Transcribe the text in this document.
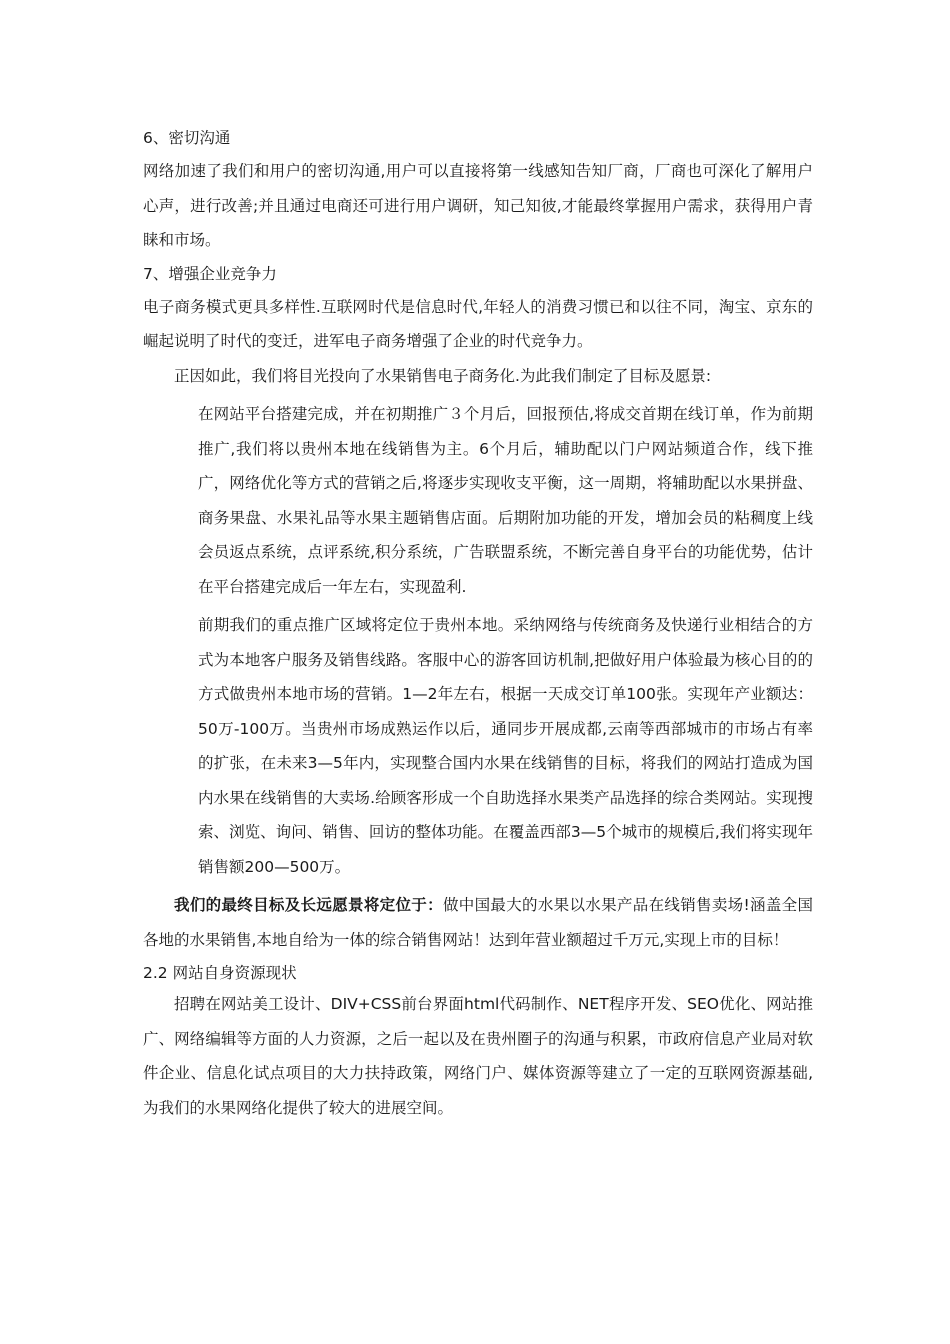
6、密切沟通

网络加速了我们和用户的密切沟通,用户可以直接将第一线感知告知厂商，厂商也可深化了解用户心声，进行改善;并且通过电商还可进行用户调研，知己知彼,才能最终掌握用户需求，获得用户青睐和市场。

7、增强企业竞争力

电子商务模式更具多样性.互联网时代是信息时代,年轻人的消费习惯已和以往不同，淘宝、京东的崛起说明了时代的变迁，进军电子商务增强了企业的时代竞争力。

正因如此，我们将目光投向了水果销售电子商务化.为此我们制定了目标及愿景:

在网站平台搭建完成，并在初期推广３个月后，回报预估,将成交首期在线订单，作为前期推广,我们将以贵州本地在线销售为主。6个月后，辅助配以门户网站频道合作，线下推广，网络优化等方式的营销之后,将逐步实现收支平衡，这一周期，将辅助配以水果拼盘、商务果盘、水果礼品等水果主题销售店面。后期附加功能的开发，增加会员的粘稠度上线会员返点系统，点评系统,积分系统，广告联盟系统，不断完善自身平台的功能优势，估计在平台搭建完成后一年左右，实现盈利.

前期我们的重点推广区域将定位于贵州本地。采纳网络与传统商务及快递行业相结合的方式为本地客户服务及销售线路。客服中心的游客回访机制,把做好用户体验最为核心目的的方式做贵州本地市场的营销。1—2年左右，根据一天成交订单100张。实现年产业额达：50万-100万。当贵州市场成熟运作以后，通同步开展成都,云南等西部城市的市场占有率的扩张，在未来3—5年内，实现整合国内水果在线销售的目标，将我们的网站打造成为国内水果在线销售的大卖场.给顾客形成一个自助选择水果类产品选择的综合类网站。实现搜索、浏览、询问、销售、回访的整体功能。在覆盖西部3—5个城市的规模后,我们将实现年销售额200—500万。

我们的最终目标及长远愿景将定位于：做中国最大的水果以水果产品在线销售卖场!涵盖全国各地的水果销售,本地自给为一体的综合销售网站！达到年营业额超过千万元,实现上市的目标！

2.2 网站自身资源现状

招聘在网站美工设计、DIV+CSS前台界面html代码制作、NET程序开发、SEO优化、网站推广、网络编辑等方面的人力资源，之后一起以及在贵州圈子的沟通与积累，市政府信息产业局对软件企业、信息化试点项目的大力扶持政策，网络门户、媒体资源等建立了一定的互联网资源基础,为我们的水果网络化提供了较大的进展空间。
